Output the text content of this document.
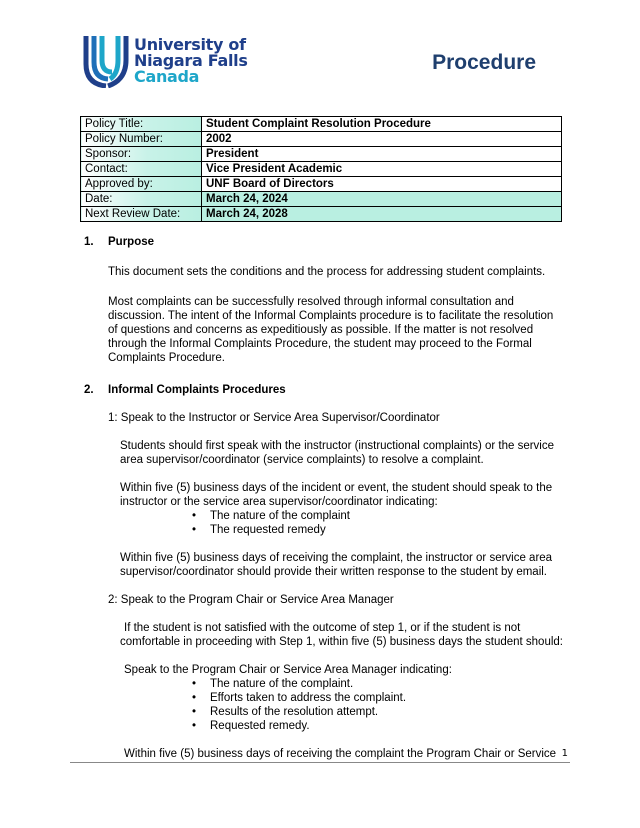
University of
Niagara Falls
Canada
Procedure
Policy Title:	Student Complaint Resolution Procedure
Policy Number:	2002
Sponsor:	President
Contact:	Vice President Academic
Approved by:	UNF Board of Directors
Date:	March 24, 2024
Next Review Date:	March 24, 2028
1.	Purpose

This document sets the conditions and the process for addressing student complaints.

Most complaints can be successfully resolved through informal consultation and discussion. The intent of the Informal Complaints procedure is to facilitate the resolution of questions and concerns as expeditiously as possible. If the matter is not resolved through the Informal Complaints Procedure, the student may proceed to the Formal Complaints Procedure.

2.	Informal Complaints Procedures

1: Speak to the Instructor or Service Area Supervisor/Coordinator

Students should first speak with the instructor (instructional complaints) or the service area supervisor/coordinator (service complaints) to resolve a complaint.

Within five (5) business days of the incident or event, the student should speak to the instructor or the service area supervisor/coordinator indicating:

• The nature of the complaint
• The requested remedy

Within five (5) business days of receiving the complaint, the instructor or service area supervisor/coordinator should provide their written response to the student by email.

2: Speak to the Program Chair or Service Area Manager

If the student is not satisfied with the outcome of step 1, or if the student is not comfortable in proceeding with Step 1, within five (5) business days the student should:

Speak to the Program Chair or Service Area Manager indicating:

• The nature of the complaint.
• Efforts taken to address the complaint.
• Results of the resolution attempt.
• Requested remedy.

Within five (5) business days of receiving the complaint the Program Chair or Service 1
